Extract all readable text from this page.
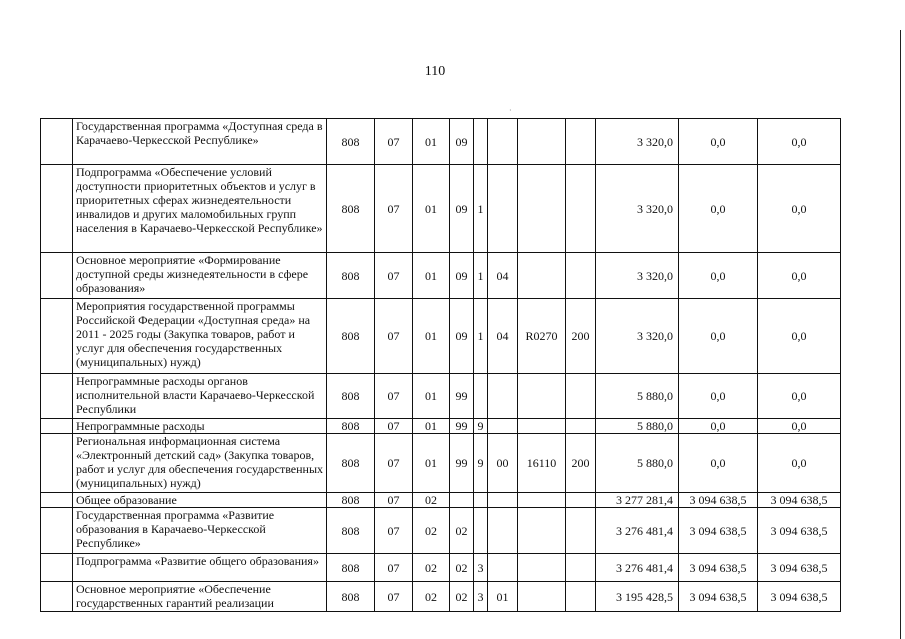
110
·
	Государственная программа «Доступная среда в Карачаево-Черкесской Республике»	808	07	01	09					3 320,0	0,0	0,0
	Подпрограмма «Обеспечение условий доступности приоритетных объектов и услуг в приоритетных сферах жизнедеятельности инвалидов и других маломобильных групп населения в Карачаево-Черкесской Республике»	808	07	01	09	1				3 320,0	0,0	0,0
	Основное мероприятие «Формирование доступной среды жизнедеятельности в сфере образования»	808	07	01	09	1	04			3 320,0	0,0	0,0
	Мероприятия государственной программы Российской Федерации «Доступная среда» на 2011 - 2025 годы (Закупка товаров, работ и услуг для обеспечения государственных (муниципальных) нужд)	808	07	01	09	1	04	R0270	200	3 320,0	0,0	0,0
	Непрограммные расходы органов исполнительной власти Карачаево-Черкесской Республики	808	07	01	99					5 880,0	0,0	0,0
	Непрограммные расходы	808	07	01	99	9				5 880,0	0,0	0,0
	Региональная информационная система «Электронный детский сад» (Закупка товаров, работ и услуг для обеспечения государственных (муниципальных) нужд)	808	07	01	99	9	00	16110	200	5 880,0	0,0	0,0
	Общее образование	808	07	02						3 277 281,4	3 094 638,5	3 094 638,5
	Государственная программа «Развитие образования в Карачаево-Черкесской Республике»	808	07	02	02					3 276 481,4	3 094 638,5	3 094 638,5
	Подпрограмма «Развитие общего образования»	808	07	02	02	3				3 276 481,4	3 094 638,5	3 094 638,5
	Основное мероприятие «Обеспечение государственных гарантий реализации	808	07	02	02	3	01			3 195 428,5	3 094 638,5	3 094 638,5
